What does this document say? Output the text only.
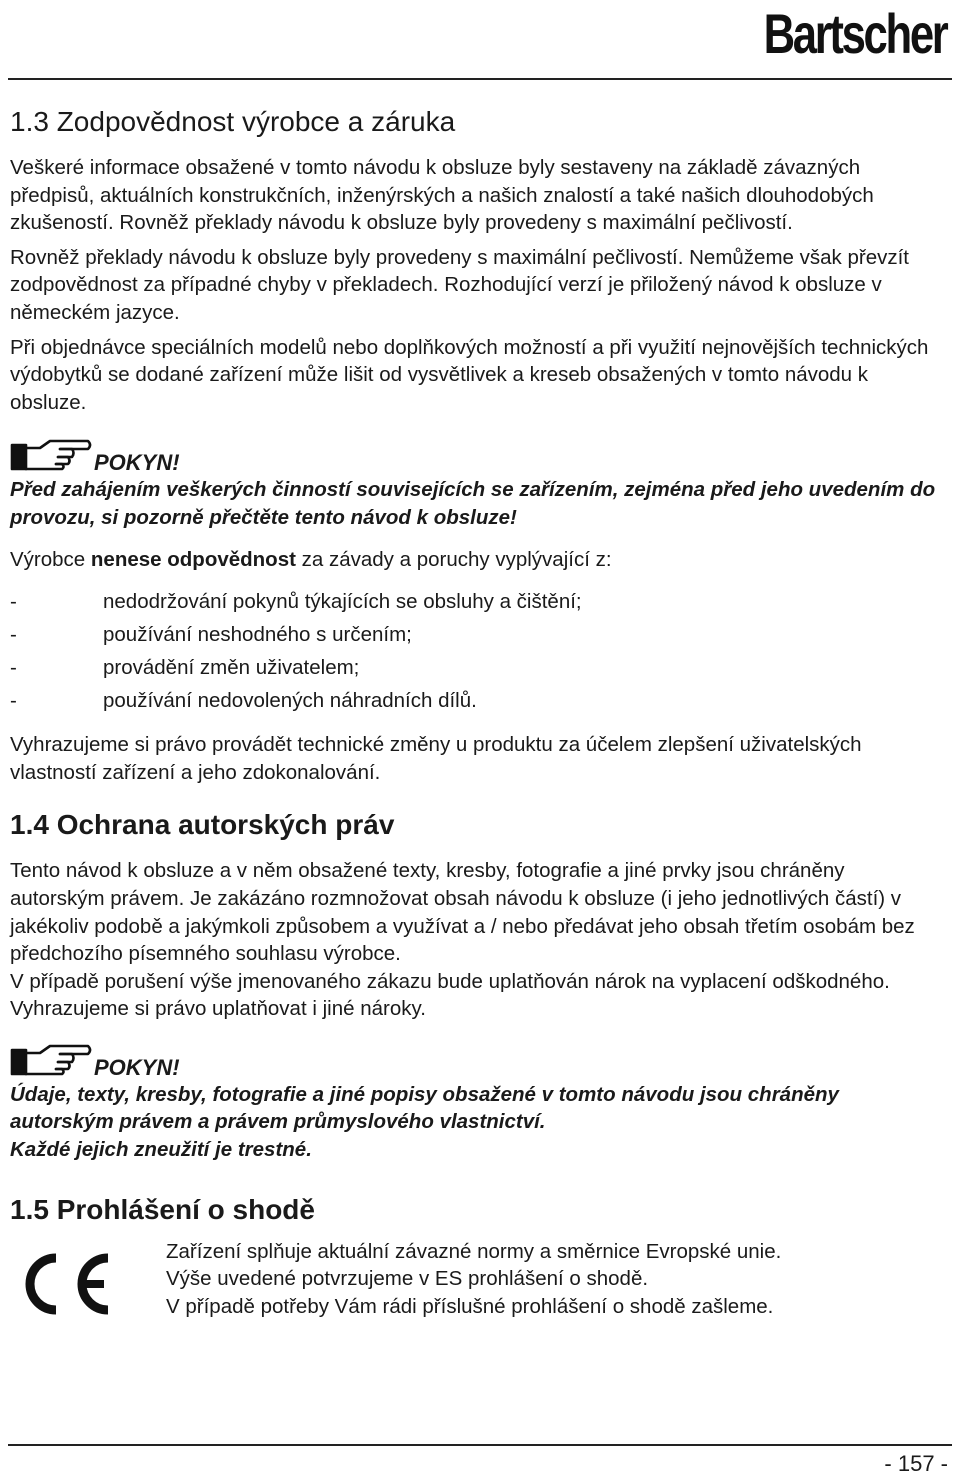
Bartscher
1.3 Zodpovědnost výrobce a záruka

Veškeré informace obsažené v tomto návodu k obsluze byly sestaveny na základě závazných předpisů, aktuálních konstrukčních, inženýrských a našich znalostí a také našich dlouhodobých zkušeností. Rovněž překlady návodu k obsluze byly provedeny s maximální pečlivostí.

Rovněž překlady návodu k obsluze byly provedeny s maximální pečlivostí. Nemůžeme však převzít zodpovědnost za případné chyby v překladech. Rozhodující verzí je přiložený návod k obsluze v německém jazyce.

Při objednávce speciálních modelů nebo doplňkových možností a při využití nejnovějších technických výdobytků se dodané zařízení může lišit od vysvětlivek a kreseb obsažených v tomto návodu k obsluze.

POKYN!

Před zahájením veškerých činností souvisejících se zařízením, zejména před jeho uvedením do provozu, si pozorně přečtěte tento návod k obsluze!

Výrobce nenese odpovědnost za závady a poruchy vyplývající z:

-	nedodržování pokynů týkajících se obsluhy a čištění;
-	používání neshodného s určením;
-	provádění změn uživatelem;
-	používání nedovolených náhradních dílů.

Vyhrazujeme si právo provádět technické změny u produktu za účelem zlepšení uživatelských vlastností zařízení a jeho zdokonalování.

1.4 Ochrana autorských práv

Tento návod k obsluze a v něm obsažené texty, kresby, fotografie a jiné prvky jsou chráněny autorským právem. Je zakázáno rozmnožovat obsah návodu k obsluze (i jeho jednotlivých částí) v jakékoliv podobě a jakýmkoli způsobem a využívat a / nebo předávat jeho obsah třetím osobám bez předchozího písemného souhlasu výrobce.

V případě porušení výše jmenovaného zákazu bude uplatňován nárok na vyplacení odškodného. Vyhrazujeme si právo uplatňovat i jiné nároky.

POKYN!

Údaje, texty, kresby, fotografie a jiné popisy obsažené v tomto návodu jsou chráněny autorským právem a právem průmyslového vlastnictví.

Každé jejich zneužití je trestné.

1.5 Prohlášení o shodě

Zařízení splňuje aktuální závazné normy a směrnice Evropské unie.

Výše uvedené potvrzujeme v ES prohlášení o shodě.

V případě potřeby Vám rádi příslušné prohlášení o shodě zašleme.

- 157 -
